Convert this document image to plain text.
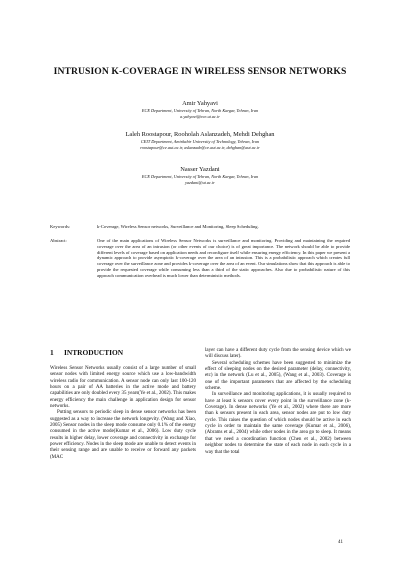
INTRUSION K-COVERAGE IN WIRELESS SENSOR NETWORKS
Amir Yahyavi
ECE Department, University of Tehran, North Kargar, Tehran, Iran
a.yahyavi@ece.ut.ac.ir
Laleh Roostapour, Rooholah Aslanzadeh, Mehdi Dehghan
CEIT Department, Amirkabir University of Technology, Tehran, Iran
roostapour@ce.aut.ac.ir, aslanzade@ce.aut.ac.ir, dehghan@aut.ac.ir
Nasser Yazdani
ECE Department, University of Tehran, North Kargar, Tehran, Iran
yazdani@ut.ac.ir
Keywords:	k-Coverage, Wireless Sensor networks, Surveillance and Monitoring, Sleep Scheduling.
Abstract:	One of the main applications of Wireless Sensor Networks is surveillance and monitoring. Providing and maintaining the required coverage over the area of an intrusion (or other events of our choice) is of great importance. The network should be able to provide different levels of coverage based on application needs and reconfigure itself while ensuring energy efficiency. In this paper we present a dynamic approach to provide asymptotic k-coverage over the area of an intrusion. This is a probabilistic approach which creates full coverage over the surveillance zone and provides k-coverage over the area of an event. Our simulations show that this approach is able to provide the requested coverage while consuming less than a third of the static approaches. Also due to probabilistic nature of this approach communication overhead is much lower than deterministic methods.
1 INTRODUCTION

Wireless Sensor Networks usually consist of a large number of small sensor nodes with limited energy source which use a low-bandwidth wireless radio for communication. A sensor node can only last 100-120 hours on a pair of AA batteries in the active mode and battery capabilities are only doubled every 35 years(Ye et al., 2002). This makes energy efficiency the main challenge in application design for sensor networks.

Putting sensors to periodic sleep in dense sensor networks has been suggested as a way to increase the network longevity. (Wang and Xiao, 2005) Sensor nodes in the sleep mode consume only 0.1% of the energy consumed in the active mode(Kumar et al., 2006). Low duty cycle results in higher delay, lower coverage and connectivity in exchange for power efficiency. Nodes in the sleep mode are unable to detect events in their sensing range and are unable to receive or forward any packets (MAC

layer can have a different duty cycle from the sensing device which we will discuss later).

Several scheduling schemes have been suggested to minimize the effect of sleeping nodes on the desired parameter (delay, connectivity, etc) in the network (Lu et al., 2005), (Wang et al., 2003). Coverage is one of the important parameters that are affected by the scheduling scheme.

In surveillance and monitoring applications, it is usually required to have at least k sensors cover every point in the surveillance zone (k-Coverage). In dense networks (Ye et al., 2002) where there are more than k sensors present in each area, sensor nodes are put to low duty cycle. This raises the question of which nodes should be active in each cycle in order to maintain the same coverage (Kumar et al., 2006), (Abrams et al., 2004) while other nodes in the area go to sleep. It means that we need a coordination function (Chen et al., 2002) between neighbor nodes to determine the state of each node in each cycle in a way that the total

41
